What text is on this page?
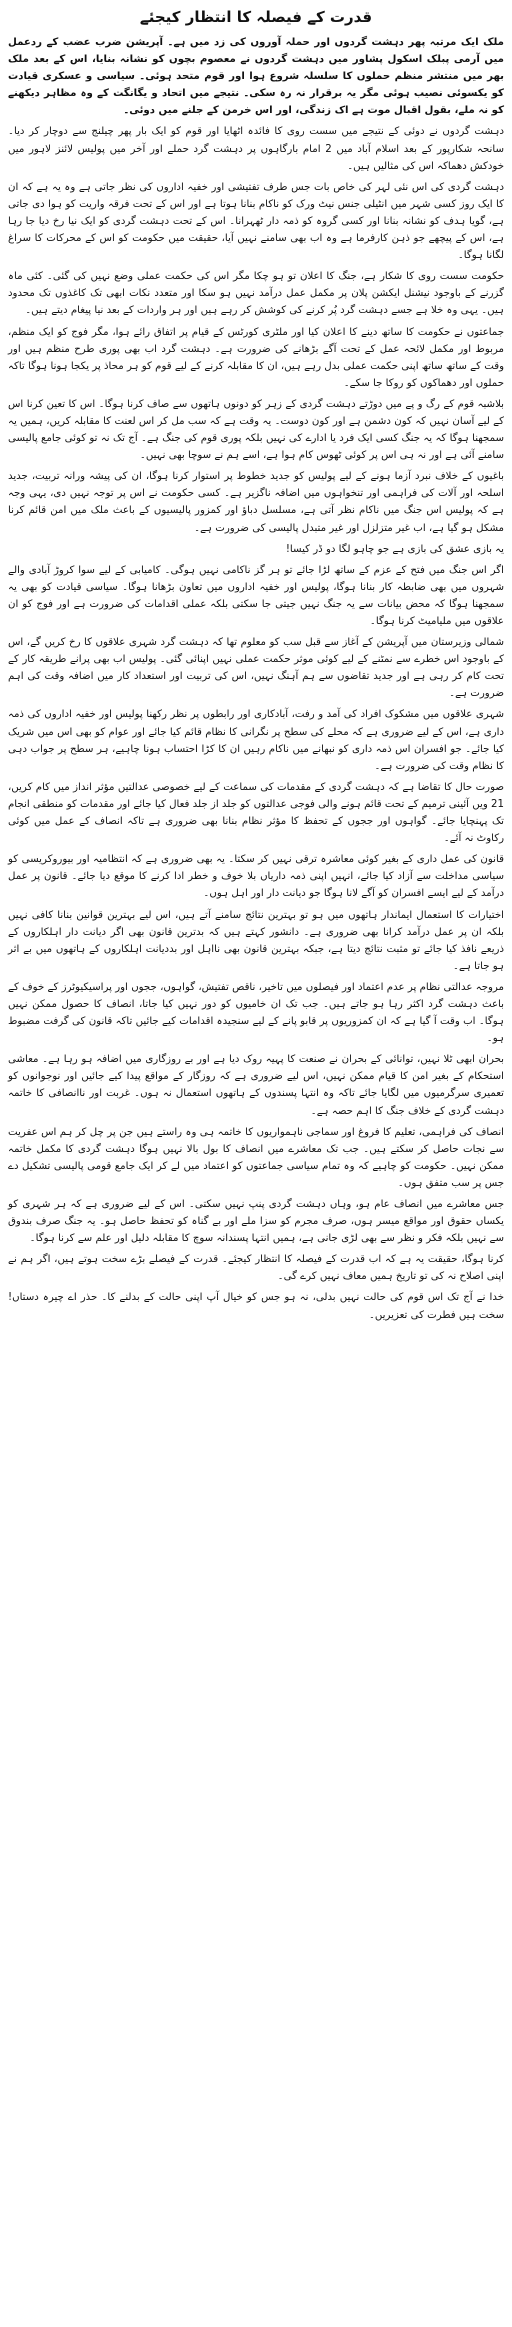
قدرت کے فیصلہ کا انتظار کیجئے

ملک ایک مرتبہ پھر دہشت گردوں اور حملہ آوروں کی زد میں ہے۔ آپریشن ضرب عضب کے ردعمل میں آرمی پبلک اسکول پشاور میں دہشت گردوں نے معصوم بچوں کو نشانہ بنایا، اس کے بعد ملک بھر میں منتشر منظم حملوں کا سلسلہ شروع ہوا اور قوم متحد ہوئی۔ سیاسی و عسکری قیادت کو یکسوئی نصیب ہوئی مگر یہ برقرار نہ رہ سکی۔ نتیجے میں اتحاد و یگانگت کے وہ مظاہر دیکھنے کو نہ ملے، بقول اقبال موت ہے اک زندگی، اور اس خرمن کے جلنے میں دوئی۔

دہشت گردوں نے دوئی کے نتیجے میں سست روی کا فائدہ اٹھایا اور قوم کو ایک بار پھر چیلنج سے دوچار کر دیا۔ سانحہ شکارپور کے بعد اسلام آباد میں 2 امام بارگاہوں پر دہشت گرد حملے اور آخر میں پولیس لائنز لاہور میں خودکش دھماکہ اس کی مثالیں ہیں۔

دہشت گردی کی اس نئی لہر کی خاص بات جس طرف تفتیشی اور خفیہ اداروں کی نظر جاتی ہے وہ یہ ہے کہ ان کا ایک روز کسی شہر میں انٹیلی جنس نیٹ ورک کو ناکام بنانا ہوتا ہے اور اس کے تحت فرقہ واریت کو ہوا دی جاتی ہے، گویا ہدف کو نشانہ بنانا اور کسی گروہ کو ذمہ دار ٹھہرانا۔ اس کے تحت دہشت گردی کو ایک نیا رخ دیا جا رہا ہے، اس کے پیچھے جو ذہن کارفرما ہے وہ اب بھی سامنے نہیں آیا، حقیقت میں حکومت کو اس کے محرکات کا سراغ لگانا ہوگا۔

حکومت سست روی کا شکار ہے، جنگ کا اعلان تو ہو چکا مگر اس کی حکمت عملی وضع نہیں کی گئی۔ کئی ماہ گزرنے کے باوجود نیشنل ایکشن پلان پر مکمل عمل درآمد نہیں ہو سکا اور متعدد نکات ابھی تک کاغذوں تک محدود ہیں۔ یہی وہ خلا ہے جسے دہشت گرد پُر کرنے کی کوشش کر رہے ہیں اور ہر واردات کے بعد نیا پیغام دیتے ہیں۔

جماعتوں نے حکومت کا ساتھ دینے کا اعلان کیا اور ملٹری کورٹس کے قیام پر اتفاق رائے ہوا، مگر فوج کو ایک منظم، مربوط اور مکمل لائحہ عمل کے تحت آگے بڑھانے کی ضرورت ہے۔ دہشت گرد اب بھی پوری طرح منظم ہیں اور وقت کے ساتھ ساتھ اپنی حکمت عملی بدل رہے ہیں، ان کا مقابلہ کرنے کے لیے قوم کو ہر محاذ پر یکجا ہونا ہوگا تاکہ حملوں اور دھماکوں کو روکا جا سکے۔

بلاشبہ قوم کے رگ و پے میں دوڑتے دہشت گردی کے زہر کو دونوں ہاتھوں سے صاف کرنا ہوگا۔ اس کا تعین کرنا اس کے لیے آسان نہیں کہ کون دشمن ہے اور کون دوست۔ یہ وقت ہے کہ سب مل کر اس لعنت کا مقابلہ کریں، ہمیں یہ سمجھنا ہوگا کہ یہ جنگ کسی ایک فرد یا ادارے کی نہیں بلکہ پوری قوم کی جنگ ہے۔ آج تک نہ تو کوئی جامع پالیسی سامنے آئی ہے اور نہ ہی اس پر کوئی ٹھوس کام ہوا ہے، اسے ہم نے سوچا بھی نہیں۔

باغیوں کے خلاف نبرد آزما ہونے کے لیے پولیس کو جدید خطوط پر استوار کرنا ہوگا، ان کی پیشہ ورانہ تربیت، جدید اسلحہ اور آلات کی فراہمی اور تنخواہوں میں اضافہ ناگزیر ہے۔ کسی حکومت نے اس پر توجہ نہیں دی، یہی وجہ ہے کہ پولیس اس جنگ میں ناکام نظر آتی ہے، مسلسل دباؤ اور کمزور پالیسیوں کے باعث ملک میں امن قائم کرنا مشکل ہو گیا ہے، اب غیر متزلزل اور غیر متبدل پالیسی کی ضرورت ہے۔

یہ بازی عشق کی بازی ہے جو چاہو لگا دو ڈر کیسا!

اگر اس جنگ میں فتح کے عزم کے ساتھ لڑا جائے تو ہر گز ناکامی نہیں ہوگی۔ کامیابی کے لیے سوا کروڑ آبادی والے شہروں میں بھی ضابطہ کار بنانا ہوگا، پولیس اور خفیہ اداروں میں تعاون بڑھانا ہوگا۔ سیاسی قیادت کو بھی یہ سمجھنا ہوگا کہ محض بیانات سے یہ جنگ نہیں جیتی جا سکتی بلکہ عملی اقدامات کی ضرورت ہے اور فوج کو ان علاقوں میں ملیامیٹ کرنا ہوگا۔

شمالی وزیرستان میں آپریشن کے آغاز سے قبل سب کو معلوم تھا کہ دہشت گرد شہری علاقوں کا رخ کریں گے، اس کے باوجود اس خطرے سے نمٹنے کے لیے کوئی موثر حکمت عملی نہیں اپنائی گئی۔ پولیس اب بھی پرانے طریقہ کار کے تحت کام کر رہی ہے اور جدید تقاضوں سے ہم آہنگ نہیں، اس کی تربیت اور استعداد کار میں اضافہ وقت کی اہم ضرورت ہے۔

شہری علاقوں میں مشکوک افراد کی آمد و رفت، آبادکاری اور رابطوں پر نظر رکھنا پولیس اور خفیہ اداروں کی ذمہ داری ہے، اس کے لیے ضروری ہے کہ محلے کی سطح پر نگرانی کا نظام قائم کیا جائے اور عوام کو بھی اس میں شریک کیا جائے۔ جو افسران اس ذمہ داری کو نبھانے میں ناکام رہیں ان کا کڑا احتساب ہونا چاہیے، ہر سطح پر جواب دہی کا نظام وقت کی ضرورت ہے۔

صورت حال کا تقاضا ہے کہ دہشت گردی کے مقدمات کی سماعت کے لیے خصوصی عدالتیں مؤثر انداز میں کام کریں، 21 ویں آئینی ترمیم کے تحت قائم ہونے والی فوجی عدالتوں کو جلد از جلد فعال کیا جائے اور مقدمات کو منطقی انجام تک پہنچایا جائے۔ گواہوں اور ججوں کے تحفظ کا مؤثر نظام بنانا بھی ضروری ہے تاکہ انصاف کے عمل میں کوئی رکاوٹ نہ آئے۔

قانون کی عمل داری کے بغیر کوئی معاشرہ ترقی نہیں کر سکتا۔ یہ بھی ضروری ہے کہ انتظامیہ اور بیوروکریسی کو سیاسی مداخلت سے آزاد کیا جائے، انہیں اپنی ذمہ داریاں بلا خوف و خطر ادا کرنے کا موقع دیا جائے۔ قانون پر عمل درآمد کے لیے ایسے افسران کو آگے لانا ہوگا جو دیانت دار اور اہل ہوں۔

اختیارات کا استعمال ایماندار ہاتھوں میں ہو تو بہترین نتائج سامنے آتے ہیں، اس لیے بہترین قوانین بنانا کافی نہیں بلکہ ان پر عمل درآمد کرانا بھی ضروری ہے۔ دانشور کہتے ہیں کہ بدترین قانون بھی اگر دیانت دار اہلکاروں کے ذریعے نافذ کیا جائے تو مثبت نتائج دیتا ہے، جبکہ بہترین قانون بھی نااہل اور بددیانت اہلکاروں کے ہاتھوں میں بے اثر ہو جاتا ہے۔

مروجہ عدالتی نظام پر عدم اعتماد اور فیصلوں میں تاخیر، ناقص تفتیش، گواہوں، ججوں اور پراسیکیوٹرز کے خوف کے باعث دہشت گرد اکثر رہا ہو جاتے ہیں۔ جب تک ان خامیوں کو دور نہیں کیا جاتا، انصاف کا حصول ممکن نہیں ہوگا۔ اب وقت آ گیا ہے کہ ان کمزوریوں پر قابو پانے کے لیے سنجیدہ اقدامات کیے جائیں تاکہ قانون کی گرفت مضبوط ہو۔

بحران ابھی ٹلا نہیں، توانائی کے بحران نے صنعت کا پہیہ روک دیا ہے اور بے روزگاری میں اضافہ ہو رہا ہے۔ معاشی استحکام کے بغیر امن کا قیام ممکن نہیں، اس لیے ضروری ہے کہ روزگار کے مواقع پیدا کیے جائیں اور نوجوانوں کو تعمیری سرگرمیوں میں لگایا جائے تاکہ وہ انتہا پسندوں کے ہاتھوں استعمال نہ ہوں۔ غربت اور ناانصافی کا خاتمہ دہشت گردی کے خلاف جنگ کا اہم حصہ ہے۔

انصاف کی فراہمی، تعلیم کا فروغ اور سماجی ناہمواریوں کا خاتمہ ہی وہ راستے ہیں جن پر چل کر ہم اس عفریت سے نجات حاصل کر سکتے ہیں۔ جب تک معاشرے میں انصاف کا بول بالا نہیں ہوگا دہشت گردی کا مکمل خاتمہ ممکن نہیں۔ حکومت کو چاہیے کہ وہ تمام سیاسی جماعتوں کو اعتماد میں لے کر ایک جامع قومی پالیسی تشکیل دے جس پر سب متفق ہوں۔

جس معاشرے میں انصاف عام ہو، وہاں دہشت گردی پنپ نہیں سکتی۔ اس کے لیے ضروری ہے کہ ہر شہری کو یکساں حقوق اور مواقع میسر ہوں، صرف مجرم کو سزا ملے اور بے گناہ کو تحفظ حاصل ہو۔ یہ جنگ صرف بندوق سے نہیں بلکہ فکر و نظر سے بھی لڑی جانی ہے، ہمیں انتہا پسندانہ سوچ کا مقابلہ دلیل اور علم سے کرنا ہوگا۔

کرنا ہوگا، حقیقت یہ ہے کہ اب قدرت کے فیصلہ کا انتظار کیجئے۔ قدرت کے فیصلے بڑے سخت ہوتے ہیں، اگر ہم نے اپنی اصلاح نہ کی تو تاریخ ہمیں معاف نہیں کرے گی۔

خدا نے آج تک اس قوم کی حالت نہیں بدلی، نہ ہو جس کو خیال آپ اپنی حالت کے بدلنے کا۔ حذر اے چیرہ دستاں! سخت ہیں فطرت کی تعزیریں۔
